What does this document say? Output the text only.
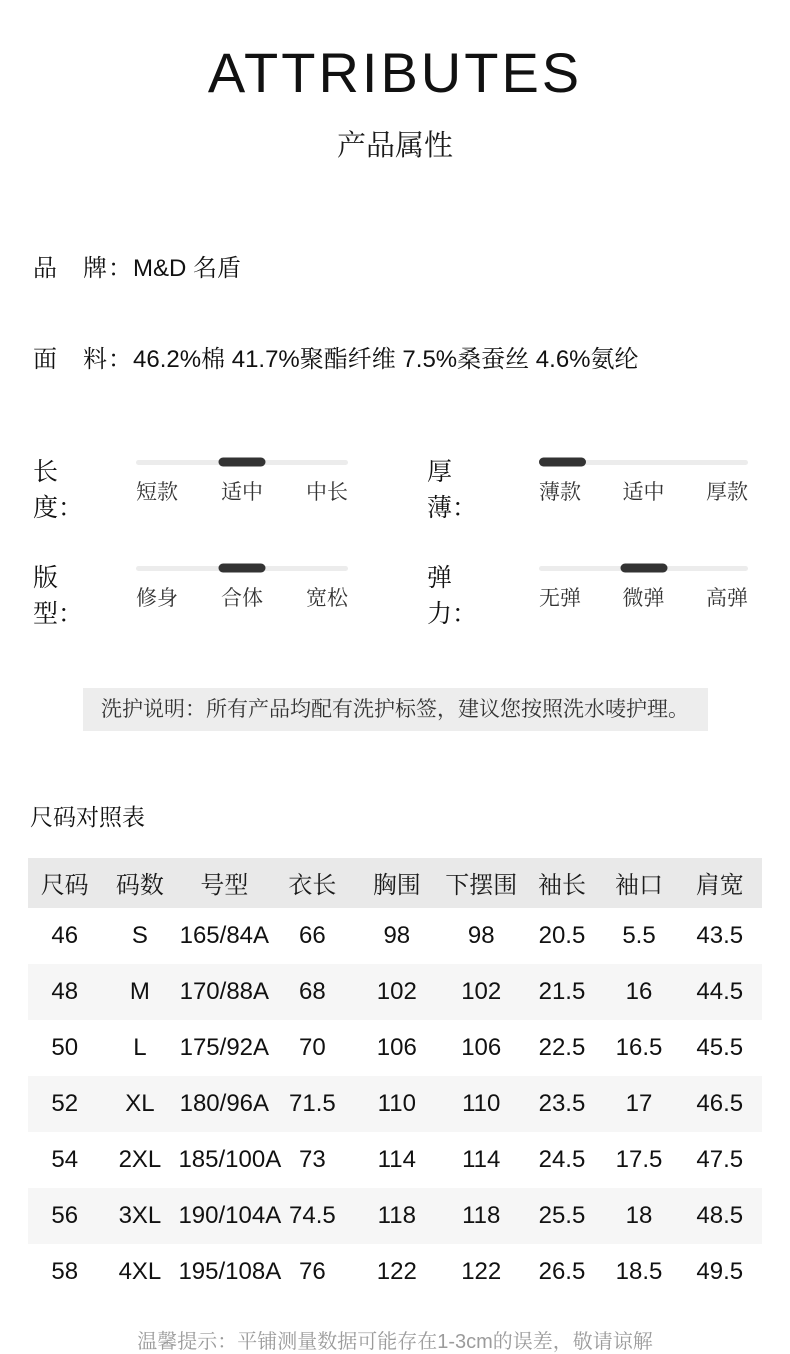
ATTRIBUTES
产品属性
品　牌：M&D 名盾
面　料：46.2%棉 41.7%聚酯纤维 7.5%桑蚕丝 4.6%氨纶
长　度：
短款 适中 中长
厚　薄：
薄款 适中 厚款
版　型：
修身 合体 宽松
弹　力：
无弹 微弹 高弹
洗护说明：所有产品均配有洗护标签，建议您按照洗水唛护理。
尺码对照表
尺码	码数	号型	衣长	胸围	下摆围	袖长	袖口	肩宽
46	S	165/84A	66	98	98	20.5	5.5	43.5
48	M	170/88A	68	102	102	21.5	16	44.5
50	L	175/92A	70	106	106	22.5	16.5	45.5
52	XL	180/96A	71.5	110	110	23.5	17	46.5
54	2XL	185/100A	73	114	114	24.5	17.5	47.5
56	3XL	190/104A	74.5	118	118	25.5	18	48.5
58	4XL	195/108A	76	122	122	26.5	18.5	49.5
温馨提示：平铺测量数据可能存在1-3cm的误差，敬请谅解
